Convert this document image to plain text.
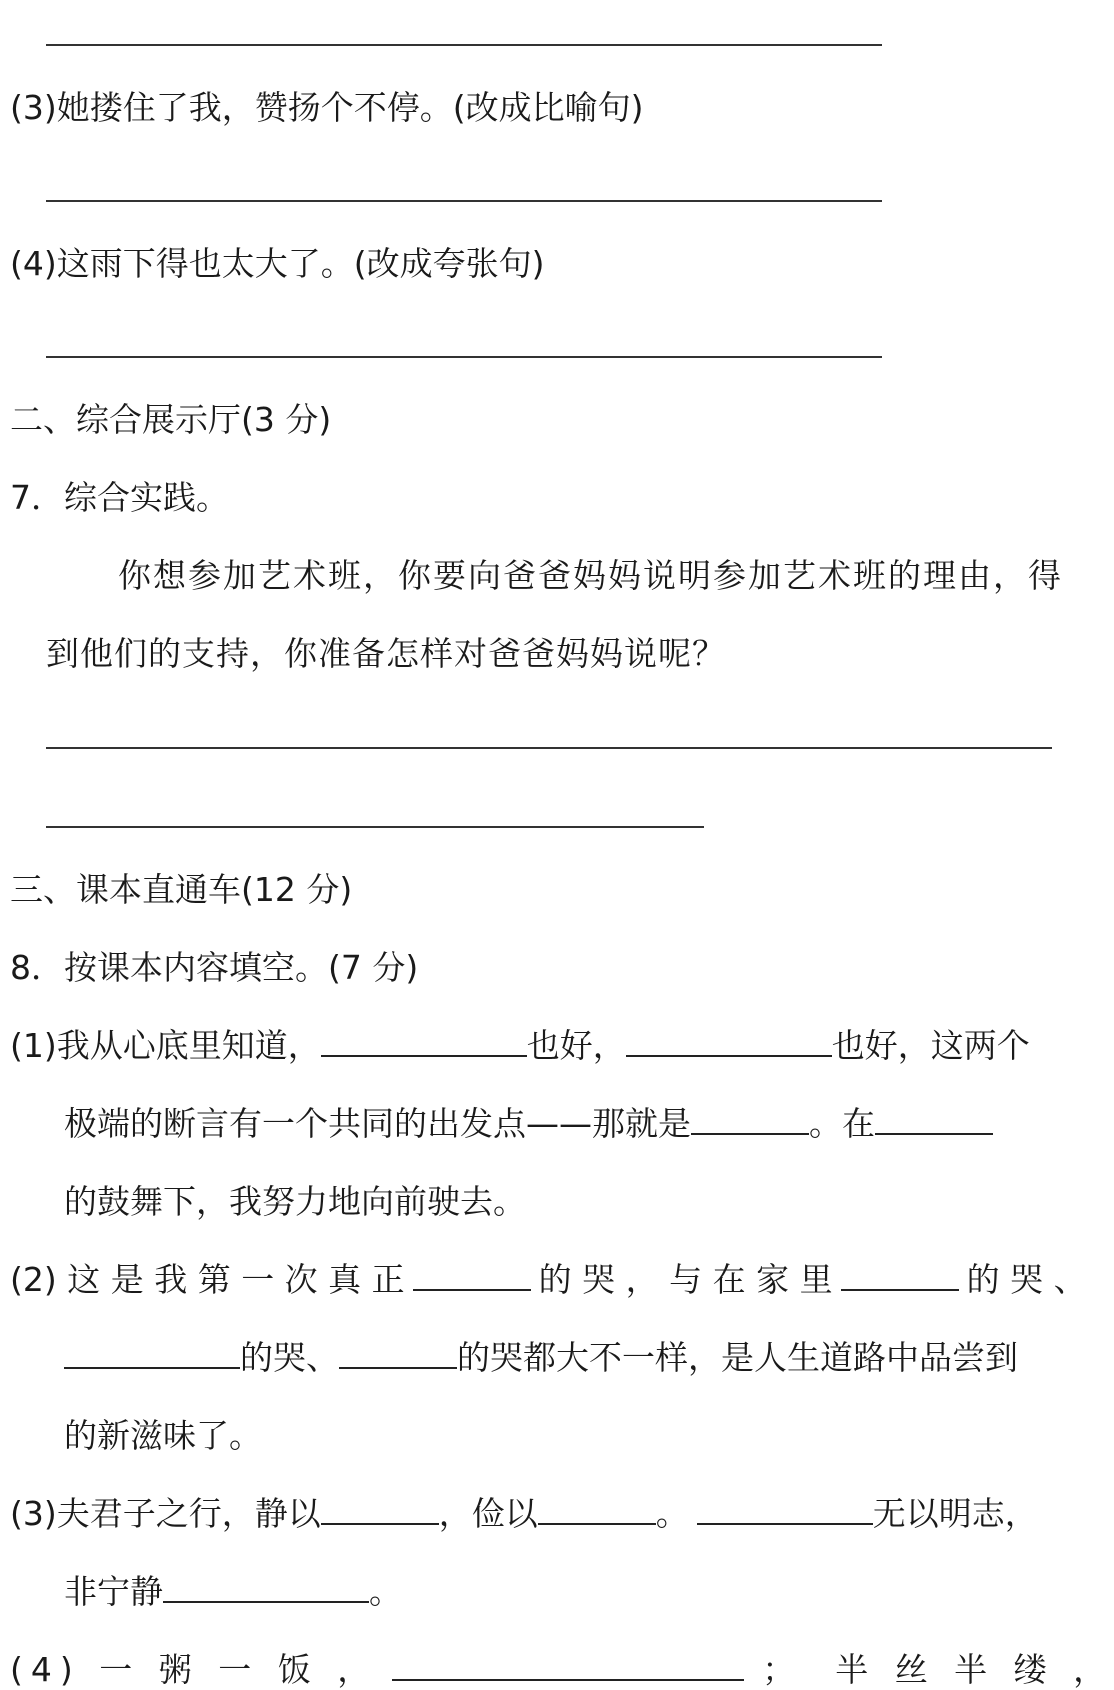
(3)她搂住了我，赞扬个不停。(改成比喻句)
(4)这雨下得也太大了。(改成夸张句)
二、综合展示厅(3 分)
7．综合实践。
你想参加艺术班，你要向爸爸妈妈说明参加艺术班的理由，得
到他们的支持，你准备怎样对爸爸妈妈说呢？
三、课本直通车(12 分)
8．按课本内容填空。(7 分)
(1)我从心底里知道，	也好，	也好，这两个
极端的断言有一个共同的出发点——那就是	。在
的鼓舞下，我努力地向前驶去。
(2) 这 是 我 第 一 次 真 正	的 哭 ， 与 在 家 里	的 哭 、
的哭、	的哭都大不一样，是人生道路中品尝到
的新滋味了。
(3)夫君子之行，静以	，俭以	。	无以明志，
非宁静	。
(4) 一 粥 一 饭 ，	； 半 丝 半 缕 ，
